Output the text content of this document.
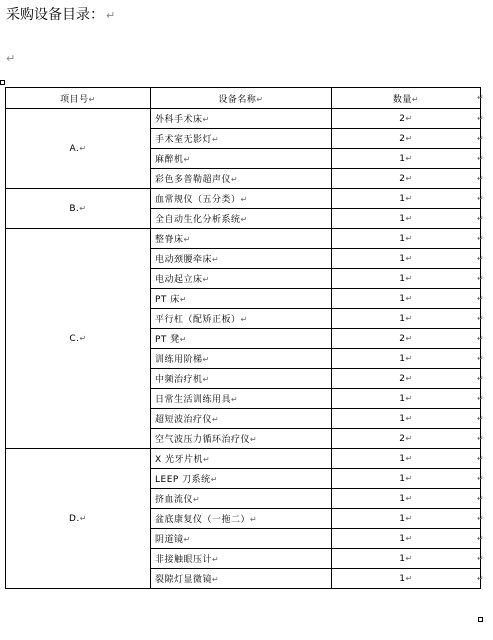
采购设备目录： ↵
↵
项目号↵	设备名称↵	数量↵
A.↵	外科手术床↵	2↵
	手术室无影灯↵	2↵
	麻醉机↵	1↵
	彩色多普勒超声仪↵	2↵
B.↵	血常规仪（五分类）↵	1↵
	全自动生化分析系统↵	1↵
C.↵	整脊床↵	1↵
	电动颈腰牵床↵	1↵
	电动起立床↵	1↵
	PT 床↵	1↵
	平行杠（配矫正板）↵	1↵
	PT 凳↵	2↵
	训练用阶梯↵	1↵
	中频治疗机↵	2↵
	日常生活训练用具↵	1↵
	超短波治疗仪↵	1↵
	空气波压力循环治疗仪↵	2↵
D.↵	X 光牙片机↵	1↵
	LEEP 刀系统↵	1↵
	挤血流仪↵	1↵
	盆底康复仪（一拖二）↵	1↵
	阴道镜↵	1↵
	非接触眼压计↵	1↵
	裂隙灯显微镜↵	1↵
↵
↵
↵
↵
↵
↵
↵
↵
↵
↵
↵
↵
↵
↵
↵
↵
↵
↵
↵
↵
↵
↵
↵
↵
↵
